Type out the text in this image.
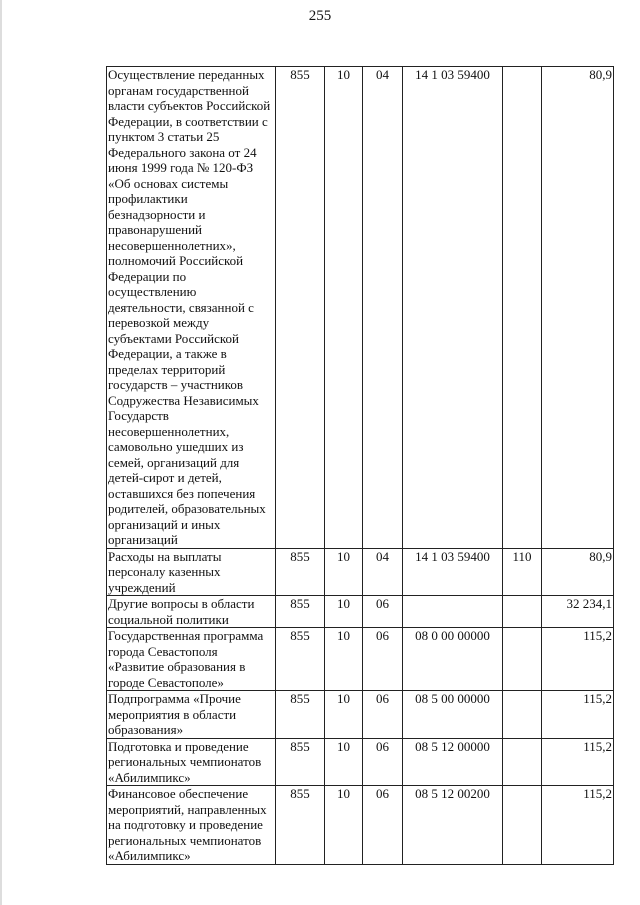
255
Осуществление переданных органам государственной власти субъектов Российской Федерации, в соответствии с пунктом 3 статьи 25 Федерального закона от 24 июня 1999 года № 120-ФЗ «Об основах системы профилактики безнадзорности и правонарушений несовершеннолетних», полномочий Российской Федерации по осуществлению деятельности, связанной с перевозкой между субъектами Российской Федерации, а также в пределах территорий государств – участников Содружества Независимых Государств несовершеннолетних, самовольно ушедших из семей, организаций для детей-сирот и детей, оставшихся без попечения родителей, образовательных организаций и иных организаций	855	10	04	14 1 03 59400		80,9
Расходы на выплаты персоналу казенных учреждений	855	10	04	14 1 03 59400	110	80,9
Другие вопросы в области социальной политики	855	10	06			32 234,1
Государственная программа города Севастополя «Развитие образования в городе Севастополе»	855	10	06	08 0 00 00000		115,2
Подпрограмма «Прочие мероприятия в области образования»	855	10	06	08 5 00 00000		115,2
Подготовка и проведение региональных чемпионатов «Абилимпикс»	855	10	06	08 5 12 00000		115,2
Финансовое обеспечение мероприятий, направленных на подготовку и проведение региональных чемпионатов «Абилимпикс»	855	10	06	08 5 12 00200		115,2
